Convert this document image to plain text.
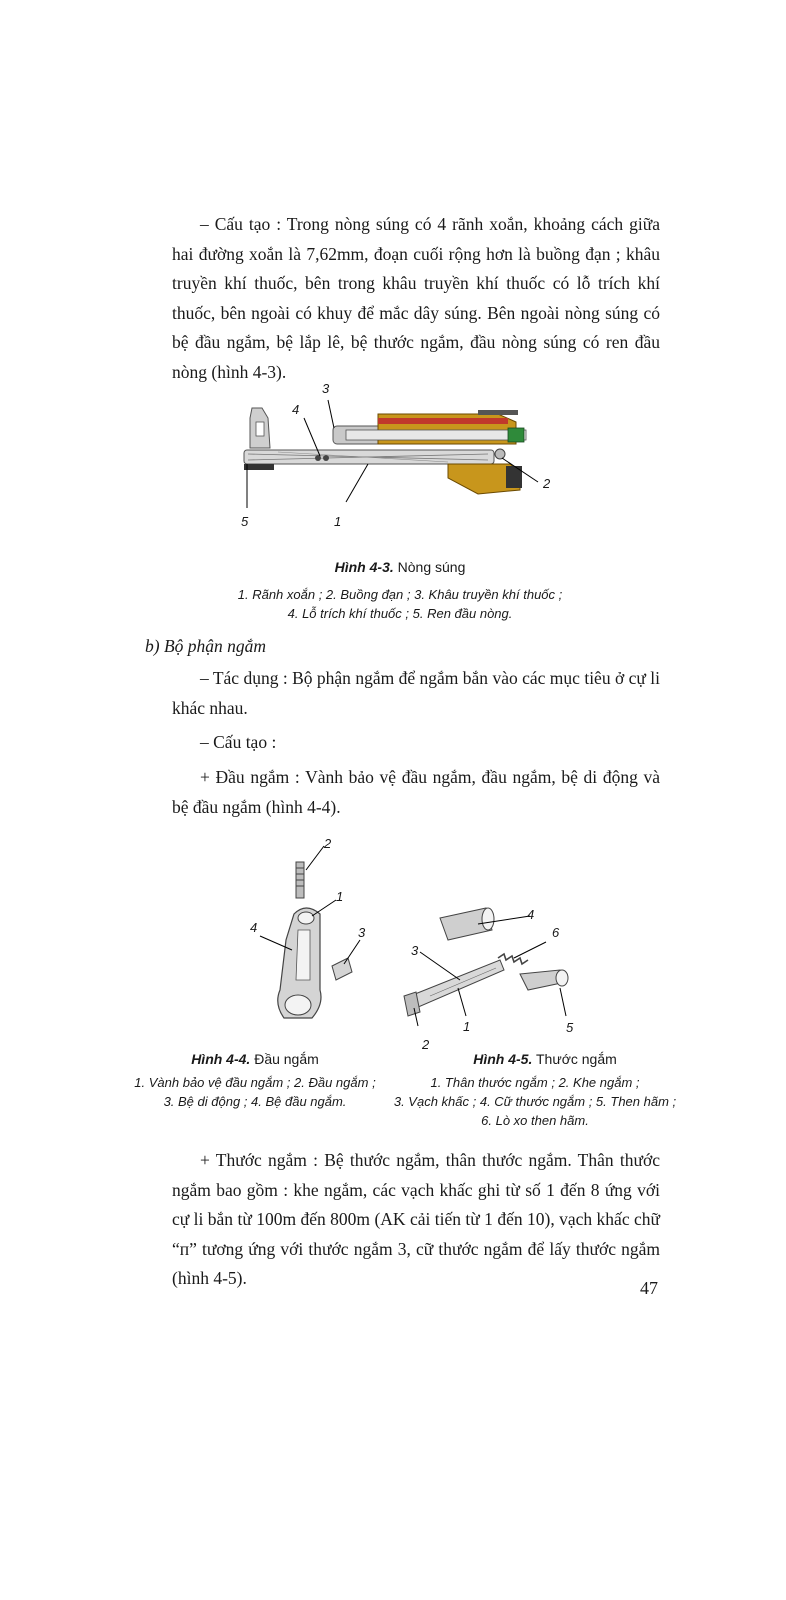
– Cấu tạo : Trong nòng súng có 4 rãnh xoắn, khoảng cách giữa hai đường xoắn là 7,62mm, đoạn cuối rộng hơn là buồng đạn ; khâu truyền khí thuốc, bên trong khâu truyền khí thuốc có lỗ trích khí thuốc, bên ngoài có khuy để mắc dây súng. Bên ngoài nòng súng có bệ đầu ngắm, bệ lắp lê, bệ thước ngắm, đầu nòng súng có ren đầu nòng (hình 4-3).
3
4
2
5	1
Hình 4-3. Nòng súng
1. Rãnh xoắn ; 2. Buồng đạn ; 3. Khâu truyền khí thuốc ;
4. Lỗ trích khí thuốc ; 5. Ren đầu nòng.
b) Bộ phận ngắm
– Tác dụng : Bộ phận ngắm để ngắm bắn vào các mục tiêu ở cự li khác nhau.
– Cấu tạo :
+ Đầu ngắm : Vành bảo vệ đầu ngắm, đầu ngắm, bệ di động và bệ đầu ngắm (hình 4-4).
2
1
3
4
4
6
3
1	5
2
Hình 4-4. Đầu ngắm
1. Vành bảo vệ đầu ngắm ; 2. Đầu ngắm ;
3. Bệ di động ; 4. Bệ đầu ngắm.
Hình 4-5. Thước ngắm
1. Thân thước ngắm ; 2. Khe ngắm ;
3. Vạch khấc ; 4. Cữ thước ngắm ; 5. Then hãm ;
6. Lò xo then hãm.
+ Thước ngắm : Bệ thước ngắm, thân thước ngắm. Thân thước ngắm bao gồm : khe ngắm, các vạch khấc ghi từ số 1 đến 8 ứng với cự li bắn từ 100m đến 800m (AK cải tiến từ 1 đến 10), vạch khấc chữ “п” tương ứng với thước ngắm 3, cữ thước ngắm để lấy thước ngắm (hình 4-5).	47
